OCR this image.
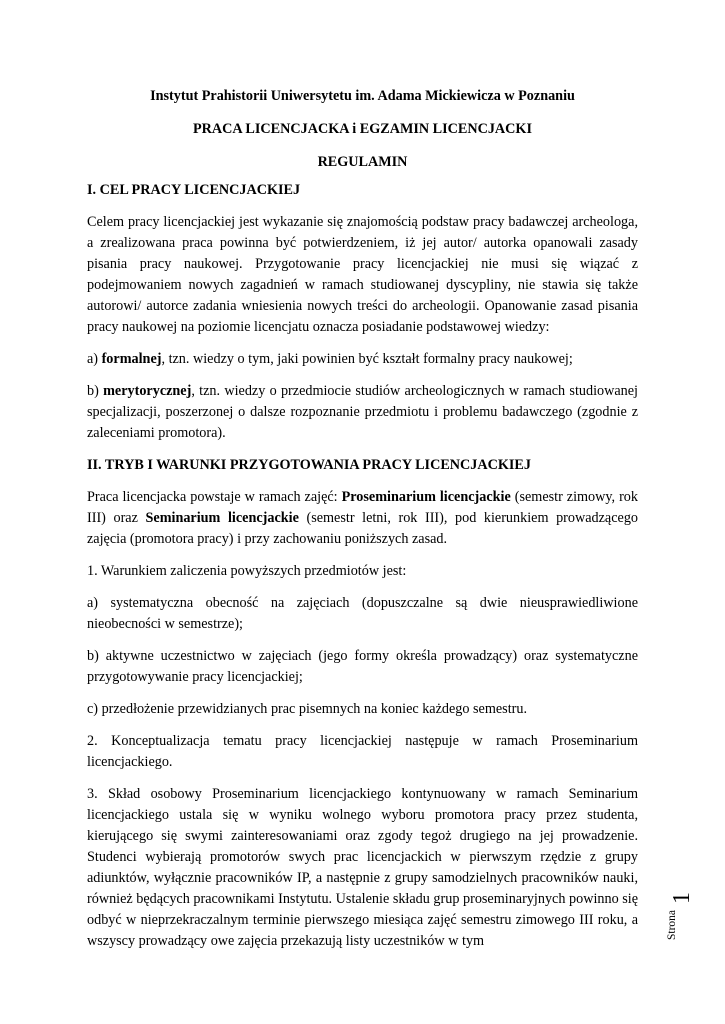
Instytut Prahistorii Uniwersytetu im. Adama Mickiewicza w Poznaniu
PRACA LICENCJACKA i EGZAMIN LICENCJACKI
REGULAMIN
I. CEL PRACY LICENCJACKIEJ

Celem pracy licencjackiej jest wykazanie się znajomością podstaw pracy badawczej archeologa, a zrealizowana praca powinna być potwierdzeniem, iż jej autor/ autorka opanowali zasady pisania pracy naukowej. Przygotowanie pracy licencjackiej nie musi się wiązać z podejmowaniem nowych zagadnień w ramach studiowanej dyscypliny, nie stawia się także autorowi/ autorce zadania wniesienia nowych treści do archeologii. Opanowanie zasad pisania pracy naukowej na poziomie licencjatu oznacza posiadanie podstawowej wiedzy:

a) formalnej, tzn. wiedzy o tym, jaki powinien być kształt formalny pracy naukowej;

b) merytorycznej, tzn. wiedzy o przedmiocie studiów archeologicznych w ramach studiowanej specjalizacji, poszerzonej o dalsze rozpoznanie przedmiotu i problemu badawczego (zgodnie z zaleceniami promotora).

II. TRYB I WARUNKI PRZYGOTOWANIA PRACY LICENCJACKIEJ

Praca licencjacka powstaje w ramach zajęć: Proseminarium licencjackie (semestr zimowy, rok III) oraz Seminarium licencjackie (semestr letni, rok III), pod kierunkiem prowadzącego zajęcia (promotora pracy) i przy zachowaniu poniższych zasad.

1. Warunkiem zaliczenia powyższych przedmiotów jest:

a) systematyczna obecność na zajęciach (dopuszczalne są dwie nieusprawiedliwione nieobecności w semestrze);

b) aktywne uczestnictwo w zajęciach (jego formy określa prowadzący) oraz systematyczne przygotowywanie pracy licencjackiej;

c) przedłożenie przewidzianych prac pisemnych na koniec każdego semestru.

2. Konceptualizacja tematu pracy licencjackiej następuje w ramach Proseminarium licencjackiego.

3. Skład osobowy Proseminarium licencjackiego kontynuowany w ramach Seminarium licencjackiego ustala się w wyniku wolnego wyboru promotora pracy przez studenta, kierującego się swymi zainteresowaniami oraz zgody tegoż drugiego na jej prowadzenie. Studenci wybierają promotorów swych prac licencjackich w pierwszym rzędzie z grupy adiunktów, wyłącznie pracowników IP, a następnie z grupy samodzielnych pracowników nauki, również będących pracownikami Instytutu. Ustalenie składu grup proseminaryjnych powinno się odbyć w nieprzekraczalnym terminie pierwszego miesiąca zajęć semestru zimowego III roku, a wszyscy prowadzący owe zajęcia przekazują listy uczestników w tym

Strona
1
